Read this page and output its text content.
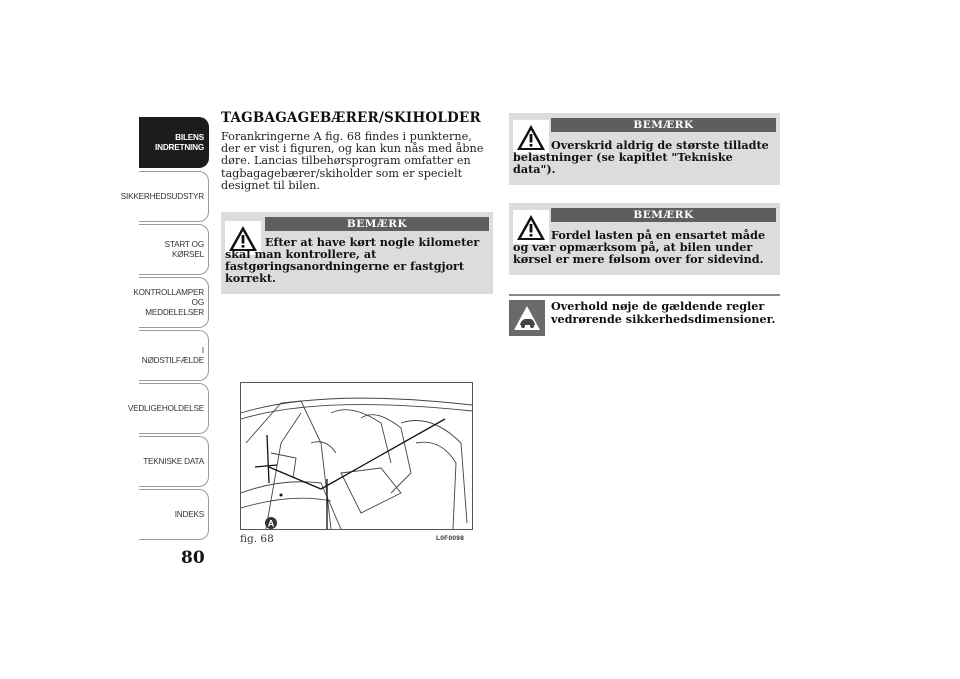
BILENS
INDRETNING
SIKKERHEDSUDSTYR
START OG KØRSEL
KONTROLLAMPER
OG MEDDELELSER
I NØDSTILFÆLDE
VEDLIGEHOLDELSE
TEKNISKE DATA
INDEKS
80
TAGBAGAGEBÆRER/SKIHOLDER

Forankringerne A fig. 68 findes i punkterne, der er vist i figuren, og kan kun nås med åbne døre. Lancias tilbehørsprogram omfatter en tagbagagebærer/skiholder som er specielt designet til bilen.

BEMÆRK

Efter at have kørt nogle kilometer skal man kontrollere, at fastgøringsanordningerne er fastgjort korrekt.

BEMÆRK

Overskrid aldrig de største tilladte belastninger (se kapitlet "Tekniske data").

BEMÆRK

Fordel lasten på en ensartet måde og vær opmærksom på, at bilen under kørsel er mere følsom over for sidevind.

Overhold nøje de gældende regler vedrørende sikkerhedsdimensioner.

A
fig. 68	L0F0098
